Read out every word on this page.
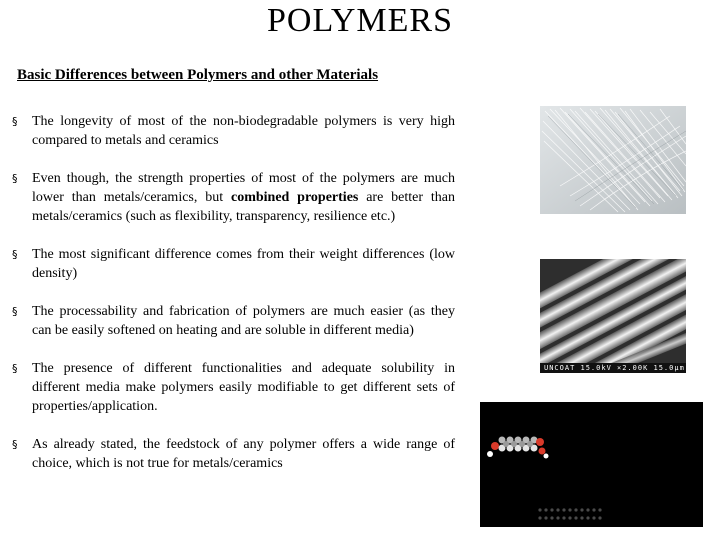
POLYMERS
Basic Differences between Polymers and other Materials
§ The longevity of most of the non-biodegradable polymers is very high compared to metals and ceramics
§ Even though, the strength properties of most of the polymers are much lower than metals/ceramics, but combined properties are better than metals/ceramics (such as flexibility, transparency, resilience etc.)
§ The most significant difference comes from their weight differences (low density)
§ The processability and fabrication of polymers are much easier (as they can be easily softened on heating and are soluble in different media)
§ The presence of different functionalities and adequate solubility in different media make polymers easily modifiable to get different sets of properties/application.
§ As already stated, the feedstock of any polymer offers a wide range of choice, which is not true for metals/ceramics
UNCOAT 15.0kV ×2.00K 15.0μm
